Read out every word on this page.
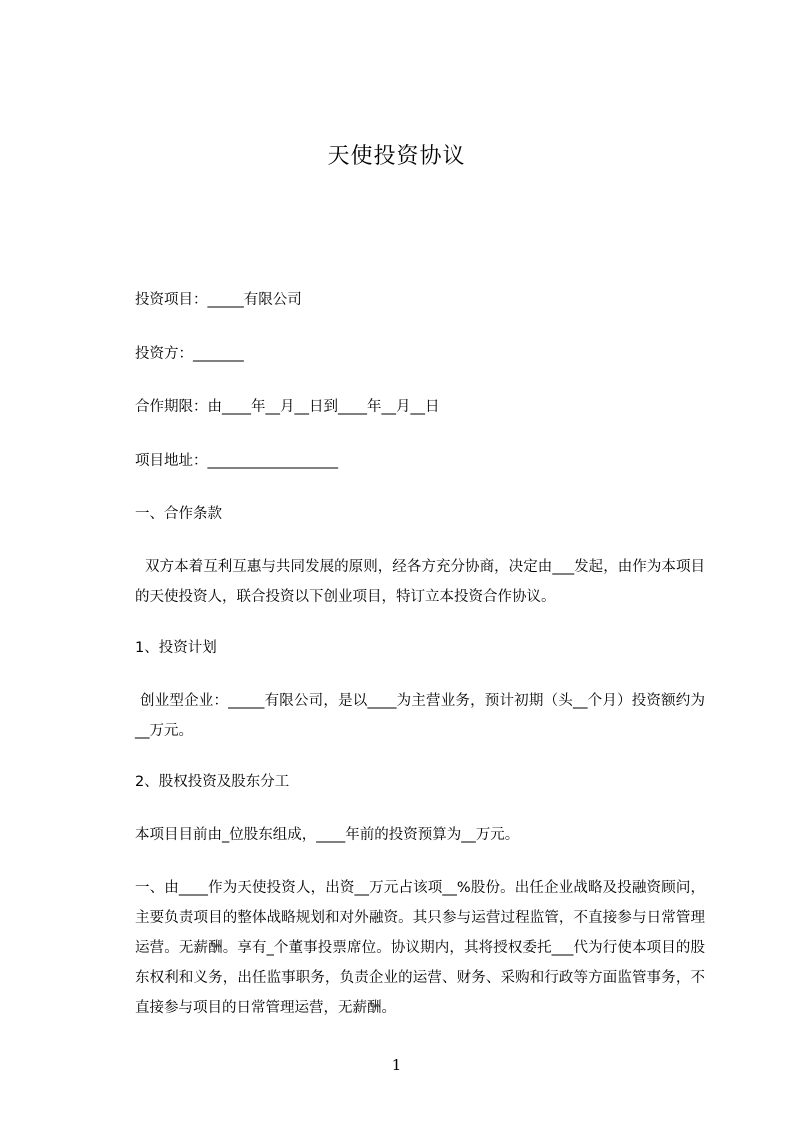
天使投资协议
投资项目：_____有限公司
投资方：_______
合作期限：由____年__月__日到____年__月__日
项目地址：__________________
一、合作条款
双方本着互利互惠与共同发展的原则，经各方充分协商，决定由___发起，由作为本项目的天使投资人，联合投资以下创业项目，特订立本投资合作协议。
1、投资计划
创业型企业：_____有限公司，是以____为主营业务，预计初期（头__个月）投资额约为__万元。
2、股权投资及股东分工
本项目目前由_位股东组成，____年前的投资预算为__万元。
一、由____作为天使投资人，出资__万元占该项__%股份。出任企业战略及投融资顾问，主要负责项目的整体战略规划和对外融资。其只参与运营过程监管，不直接参与日常管理运营。无薪酬。享有_个董事投票席位。协议期内，其将授权委托___代为行使本项目的股东权利和义务，出任监事职务，负责企业的运营、财务、采购和行政等方面监管事务，不直接参与项目的日常管理运营，无薪酬。
1
